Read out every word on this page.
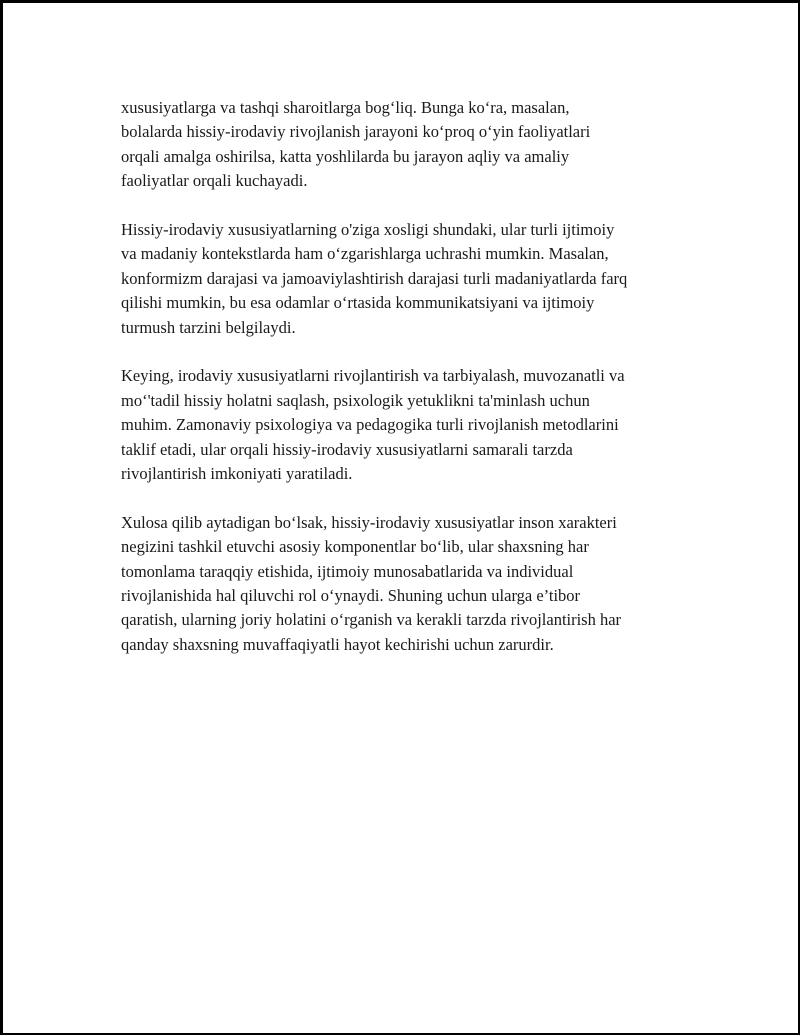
xususiyatlarga va tashqi sharoitlarga bog‘liq. Bunga ko‘ra, masalan,
bolalarda hissiy-irodaviy rivojlanish jarayoni ko‘proq o‘yin faoliyatlari
orqali amalga oshirilsa, katta yoshlilarda bu jarayon aqliy va amaliy
faoliyatlar orqali kuchayadi.

Hissiy-irodaviy xususiyatlarning o'ziga xosligi shundaki, ular turli ijtimoiy
va madaniy kontekstlarda ham o‘zgarishlarga uchrashi mumkin. Masalan,
konformizm darajasi va jamoaviylashtirish darajasi turli madaniyatlarda farq
qilishi mumkin, bu esa odamlar o‘rtasida kommunikatsiyani va ijtimoiy
turmush tarzini belgilaydi.

Keying, irodaviy xususiyatlarni rivojlantirish va tarbiyalash, muvozanatli va
mo‘'tadil hissiy holatni saqlash, psixologik yetuklikni ta'minlash uchun
muhim. Zamonaviy psixologiya va pedagogika turli rivojlanish metodlarini
taklif etadi, ular orqali hissiy-irodaviy xususiyatlarni samarali tarzda
rivojlantirish imkoniyati yaratiladi.

Xulosa qilib aytadigan bo‘lsak, hissiy-irodaviy xususiyatlar inson xarakteri
negizini tashkil etuvchi asosiy komponentlar bo‘lib, ular shaxsning har
tomonlama taraqqiy etishida, ijtimoiy munosabatlarida va individual
rivojlanishida hal qiluvchi rol o‘ynaydi. Shuning uchun ularga e’tibor
qaratish, ularning joriy holatini o‘rganish va kerakli tarzda rivojlantirish har
qanday shaxsning muvaffaqiyatli hayot kechirishi uchun zarurdir.
